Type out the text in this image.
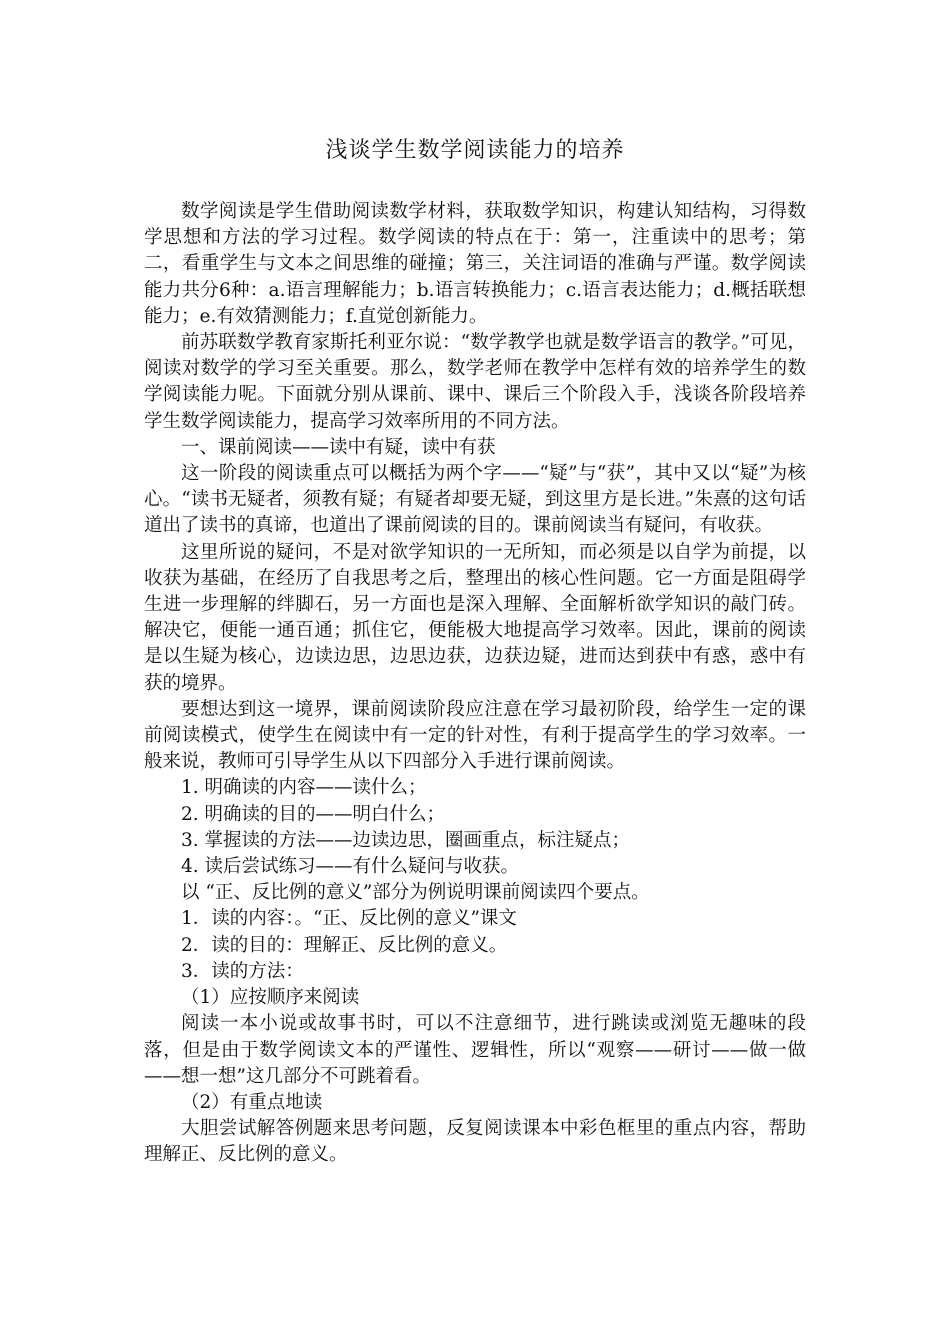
浅谈学生数学阅读能力的培养

数学阅读是学生借助阅读数学材料，获取数学知识，构建认知结构，习得数学思想和方法的学习过程。数学阅读的特点在于：第一，注重读中的思考；第二，看重学生与文本之间思维的碰撞；第三，关注词语的准确与严谨。数学阅读能力共分6种：a.语言理解能力；b.语言转换能力；c.语言表达能力；d.概括联想能力；e.有效猜测能力；f.直觉创新能力。

前苏联数学教育家斯托利亚尔说：“数学教学也就是数学语言的教学。”可见，阅读对数学的学习至关重要。那么，数学老师在教学中怎样有效的培养学生的数学阅读能力呢。下面就分别从课前、课中、课后三个阶段入手，浅谈各阶段培养学生数学阅读能力，提高学习效率所用的不同方法。

一、课前阅读——读中有疑，读中有获

这一阶段的阅读重点可以概括为两个字——“疑”与“获”，其中又以“疑”为核心。“读书无疑者，须教有疑；有疑者却要无疑，到这里方是长进。”朱熹的这句话道出了读书的真谛，也道出了课前阅读的目的。课前阅读当有疑问，有收获。

这里所说的疑问，不是对欲学知识的一无所知，而必须是以自学为前提，以收获为基础，在经历了自我思考之后，整理出的核心性问题。它一方面是阻碍学生进一步理解的绊脚石，另一方面也是深入理解、全面解析欲学知识的敲门砖。解决它，便能一通百通；抓住它，便能极大地提高学习效率。因此，课前的阅读是以生疑为核心，边读边思，边思边获，边获边疑，进而达到获中有惑，惑中有获的境界。

要想达到这一境界，课前阅读阶段应注意在学习最初阶段，给学生一定的课前阅读模式，使学生在阅读中有一定的针对性，有利于提高学生的学习效率。一般来说，教师可引导学生从以下四部分入手进行课前阅读。

1. 明确读的内容——读什么；

2. 明确读的目的——明白什么；

3. 掌握读的方法——边读边思，圈画重点，标注疑点；

4. 读后尝试练习——有什么疑问与收获。

以 “正、反比例的意义”部分为例说明课前阅读四个要点。

1．读的内容：。“正、反比例的意义”课文

2．读的目的：理解正、反比例的意义。

3．读的方法：

（1）应按顺序来阅读

阅读一本小说或故事书时，可以不注意细节，进行跳读或浏览无趣味的段落，但是由于数学阅读文本的严谨性、逻辑性，所以“观察——研讨——做一做——想一想”这几部分不可跳着看。

（2）有重点地读

大胆尝试解答例题来思考问题，反复阅读课本中彩色框里的重点内容，帮助理解正、反比例的意义。
